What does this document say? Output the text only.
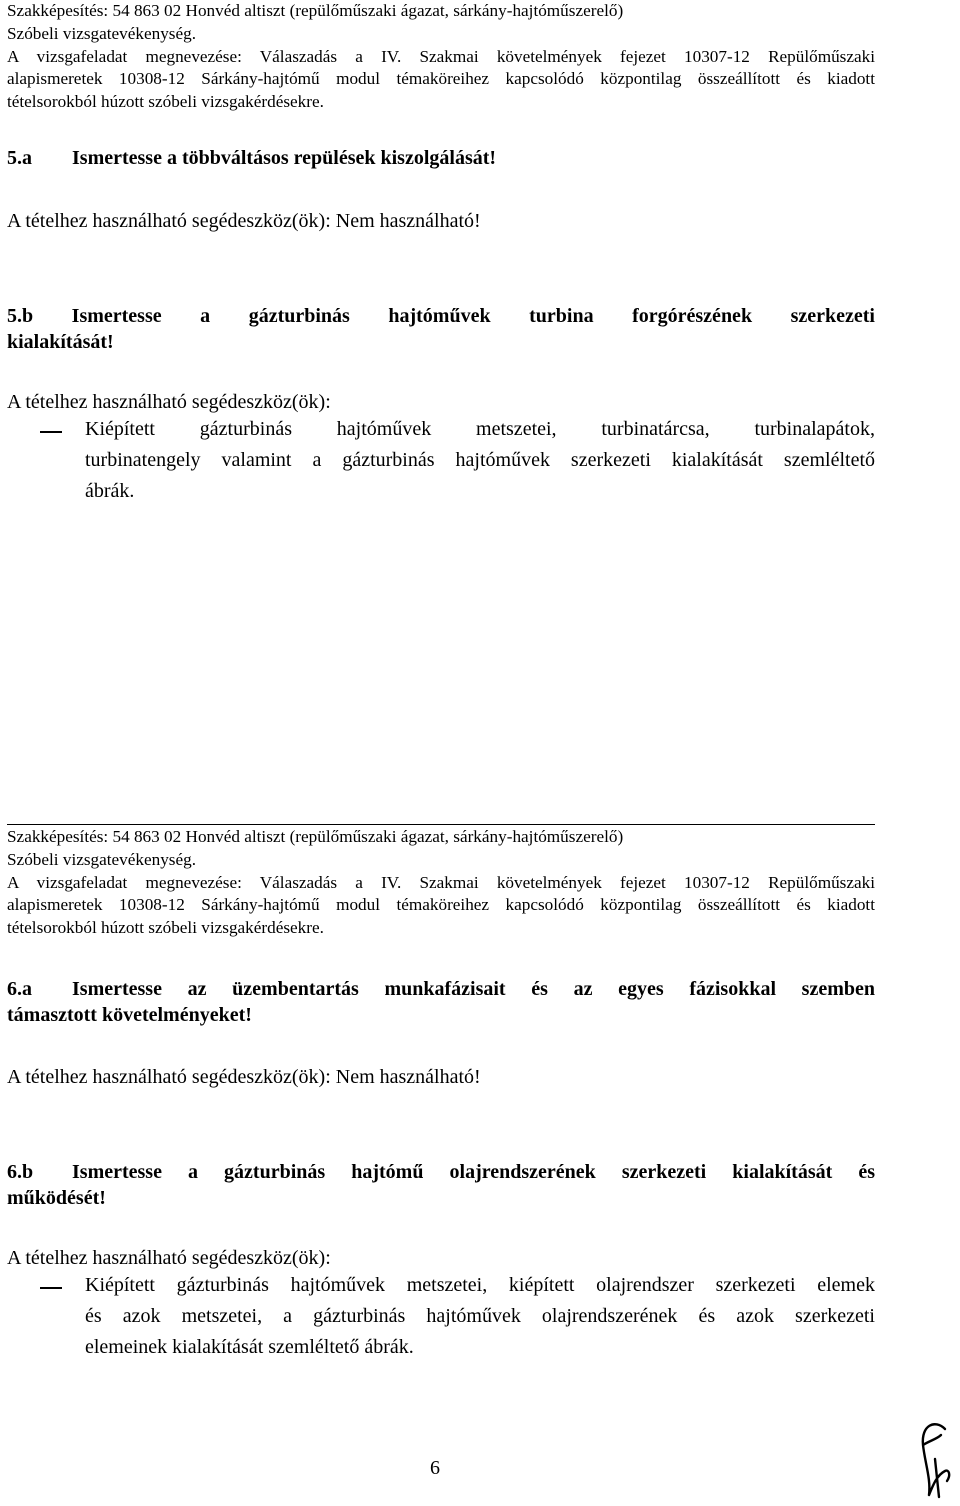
Szakképesítés: 54 863 02 Honvéd altiszt (repülőműszaki ágazat, sárkány-hajtóműszerelő)
Szóbeli vizsgatevékenység.
A vizsgafeladat megnevezése: Válaszadás a IV. Szakmai követelmények fejezet 10307-12 Repülőműszaki
alapismeretek 10308-12 Sárkány-hajtómű modul témaköreihez kapcsolódó központilag összeállított és kiadott
tételsorokból húzott szóbeli vizsgakérdésekre.
5.a Ismertesse a többváltásos repülések kiszolgálását!
A tételhez használható segédeszköz(ök): Nem használható!
5.b Ismertesse a gázturbinás hajtóművek turbina forgórészének szerkezeti
kialakítását!
A tételhez használható segédeszköz(ök):
Kiépített gázturbinás hajtóművek metszetei, turbinatárcsa, turbinalapátok,
turbinatengely valamint a gázturbinás hajtóművek szerkezeti kialakítását szemléltető
ábrák.
Szakképesítés: 54 863 02 Honvéd altiszt (repülőműszaki ágazat, sárkány-hajtóműszerelő)
Szóbeli vizsgatevékenység.
A vizsgafeladat megnevezése: Válaszadás a IV. Szakmai követelmények fejezet 10307-12 Repülőműszaki
alapismeretek 10308-12 Sárkány-hajtómű modul témaköreihez kapcsolódó központilag összeállított és kiadott
tételsorokból húzott szóbeli vizsgakérdésekre.
6.a	Ismertesse az üzembentartás munkafázisait és az egyes fázisokkal szemben
támasztott követelményeket!
A tételhez használható segédeszköz(ök): Nem használható!
6.b	Ismertesse a gázturbinás hajtómű olajrendszerének szerkezeti kialakítását és
működését!
A tételhez használható segédeszköz(ök):
Kiépített gázturbinás hajtóművek metszetei, kiépített olajrendszer szerkezeti elemek
és azok metszetei, a gázturbinás hajtóművek olajrendszerének és azok szerkezeti
elemeinek kialakítását szemléltető ábrák.
6
